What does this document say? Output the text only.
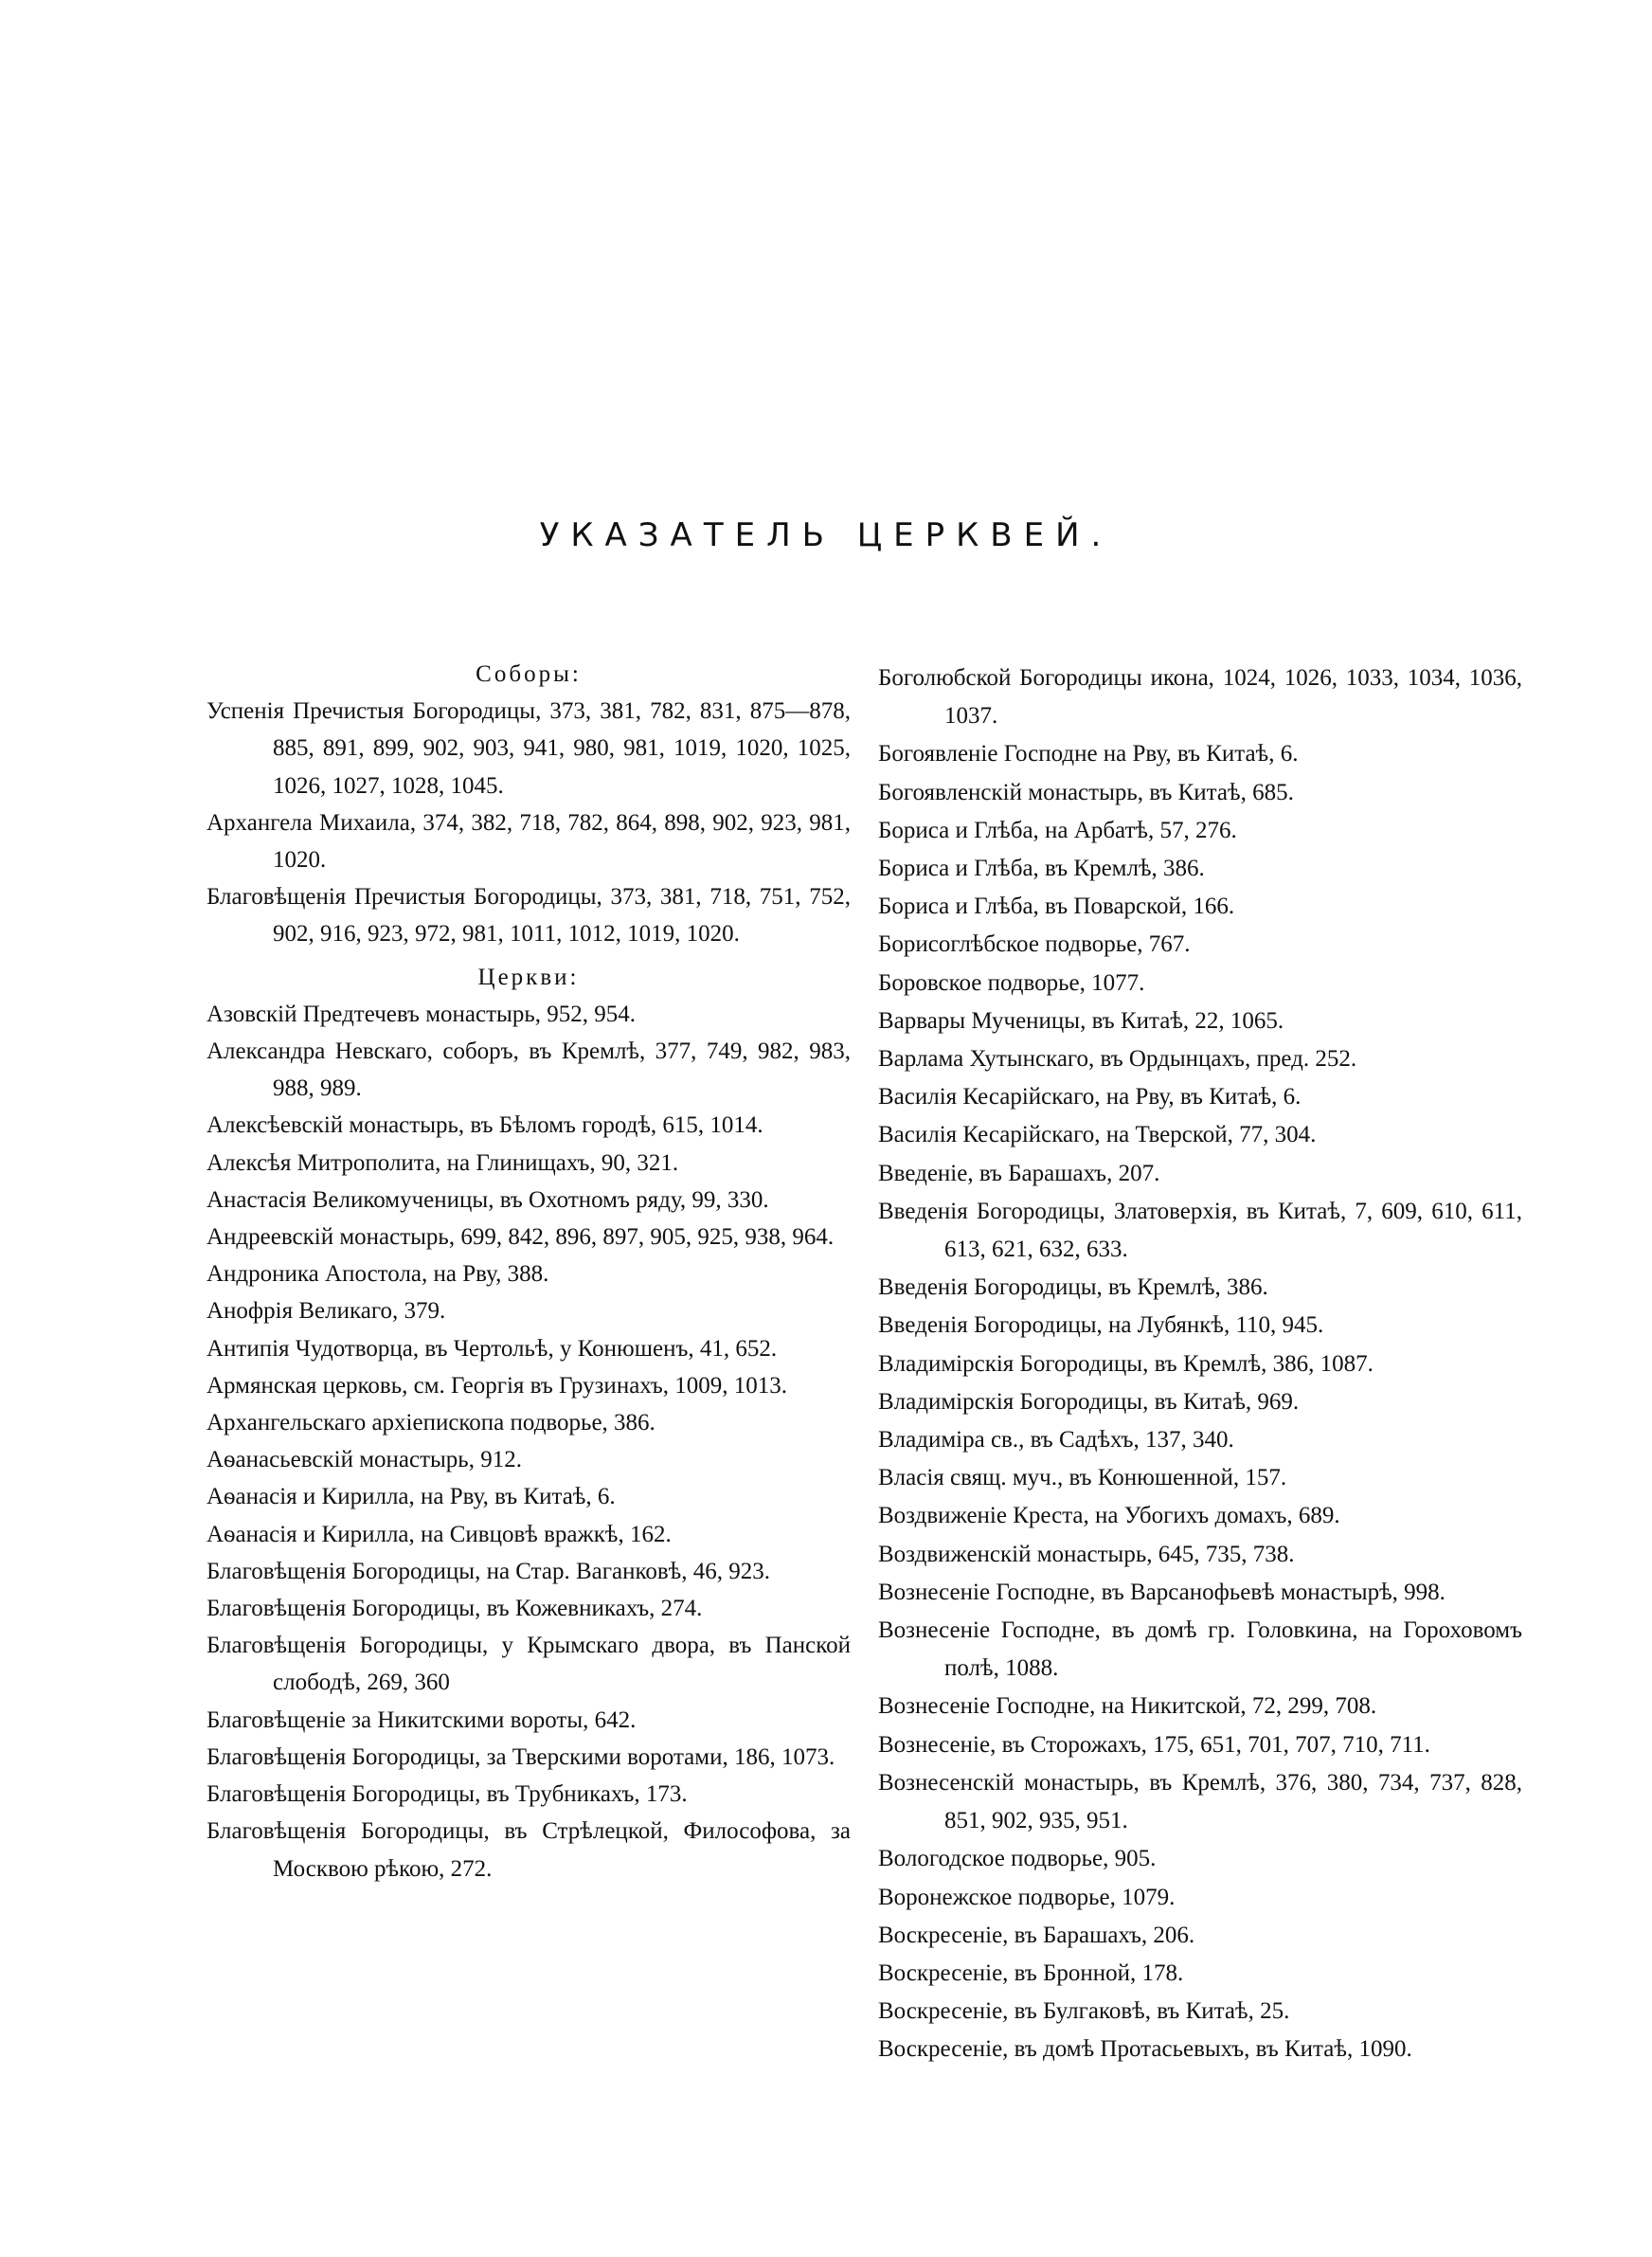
УКАЗАТЕЛЬ ЦЕРКВЕЙ.

Соборы:

Успенія Пречистыя Богородицы, 373, 381, 782, 831, 875—878, 885, 891, 899, 902, 903, 941, 980, 981, 1019, 1020, 1025, 1026, 1027, 1028, 1045.

Архангела Михаила, 374, 382, 718, 782, 864, 898, 902, 923, 981, 1020.

Благовѣщенія Пречистыя Богородицы, 373, 381, 718, 751, 752, 902, 916, 923, 972, 981, 1011, 1012, 1019, 1020.

Церкви:

Азовскій Предтечевъ монастырь, 952, 954.

Александра Невскаго, соборъ, въ Кремлѣ, 377, 749, 982, 983, 988, 989.

Алексѣевскій монастырь, въ Бѣломъ городѣ, 615, 1014.

Алексѣя Митрополита, на Глинищахъ, 90, 321.

Анастасія Великомученицы, въ Охотномъ ряду, 99, 330.

Андреевскій монастырь, 699, 842, 896, 897, 905, 925, 938, 964.

Андроника Апостола, на Рву, 388.

Анофрія Великаго, 379.

Антипія Чудотворца, въ Чертольѣ, у Конюшенъ, 41, 652.

Армянская церковь, см. Георгія въ Грузинахъ, 1009, 1013.

Архангельскаго архіепископа подворье, 386.

Аѳанасьевскій монастырь, 912.

Аѳанасія и Кирилла, на Рву, въ Китаѣ, 6.

Аѳанасія и Кирилла, на Сивцовѣ вражкѣ, 162.

Благовѣщенія Богородицы, на Стар. Ваганковѣ, 46, 923.

Благовѣщенія Богородицы, въ Кожевникахъ, 274.

Благовѣщенія Богородицы, у Крымскаго двора, въ Панской слободѣ, 269, 360

Благовѣщеніе за Никитскими вороты, 642.

Благовѣщенія Богородицы, за Тверскими воротами, 186, 1073.

Благовѣщенія Богородицы, въ Трубникахъ, 173.

Благовѣщенія Богородицы, въ Стрѣлецкой, Философова, за Москвою рѣкою, 272.

Боголюбской Богородицы икона, 1024, 1026, 1033, 1034, 1036, 1037.

Богоявленіе Господне на Рву, въ Китаѣ, 6.

Богоявленскій монастырь, въ Китаѣ, 685.

Бориса и Глѣба, на Арбатѣ, 57, 276.

Бориса и Глѣба, въ Кремлѣ, 386.

Бориса и Глѣба, въ Поварской, 166.

Борисоглѣбское подворье, 767.

Боровское подворье, 1077.

Варвары Мученицы, въ Китаѣ, 22, 1065.

Варлама Хутынскаго, въ Ордынцахъ, пред. 252.

Василія Кесарійскаго, на Рву, въ Китаѣ, 6.

Василія Кесарійскаго, на Тверской, 77, 304.

Введеніе, въ Барашахъ, 207.

Введенія Богородицы, Златоверхія, въ Китаѣ, 7, 609, 610, 611, 613, 621, 632, 633.

Введенія Богородицы, въ Кремлѣ, 386.

Введенія Богородицы, на Лубянкѣ, 110, 945.

Владимірскія Богородицы, въ Кремлѣ, 386, 1087.

Владимірскія Богородицы, въ Китаѣ, 969.

Владиміра св., въ Садѣхъ, 137, 340.

Власія свящ. муч., въ Конюшенной, 157.

Воздвиженіе Креста, на Убогихъ домахъ, 689.

Воздвиженскій монастырь, 645, 735, 738.

Вознесеніе Господне, въ Варсанофьевѣ монастырѣ, 998.

Вознесеніе Господне, въ домѣ гр. Головкина, на Гороховомъ полѣ, 1088.

Вознесеніе Господне, на Никитской, 72, 299, 708.

Вознесеніе, въ Сторожахъ, 175, 651, 701, 707, 710, 711.

Вознесенскій монастырь, въ Кремлѣ, 376, 380, 734, 737, 828, 851, 902, 935, 951.

Вологодское подворье, 905.

Воронежское подворье, 1079.

Воскресеніе, въ Барашахъ, 206.

Воскресеніе, въ Бронной, 178.

Воскресеніе, въ Булгаковѣ, въ Китаѣ, 25.

Воскресеніе, въ домѣ Протасьевыхъ, въ Китаѣ, 1090.
